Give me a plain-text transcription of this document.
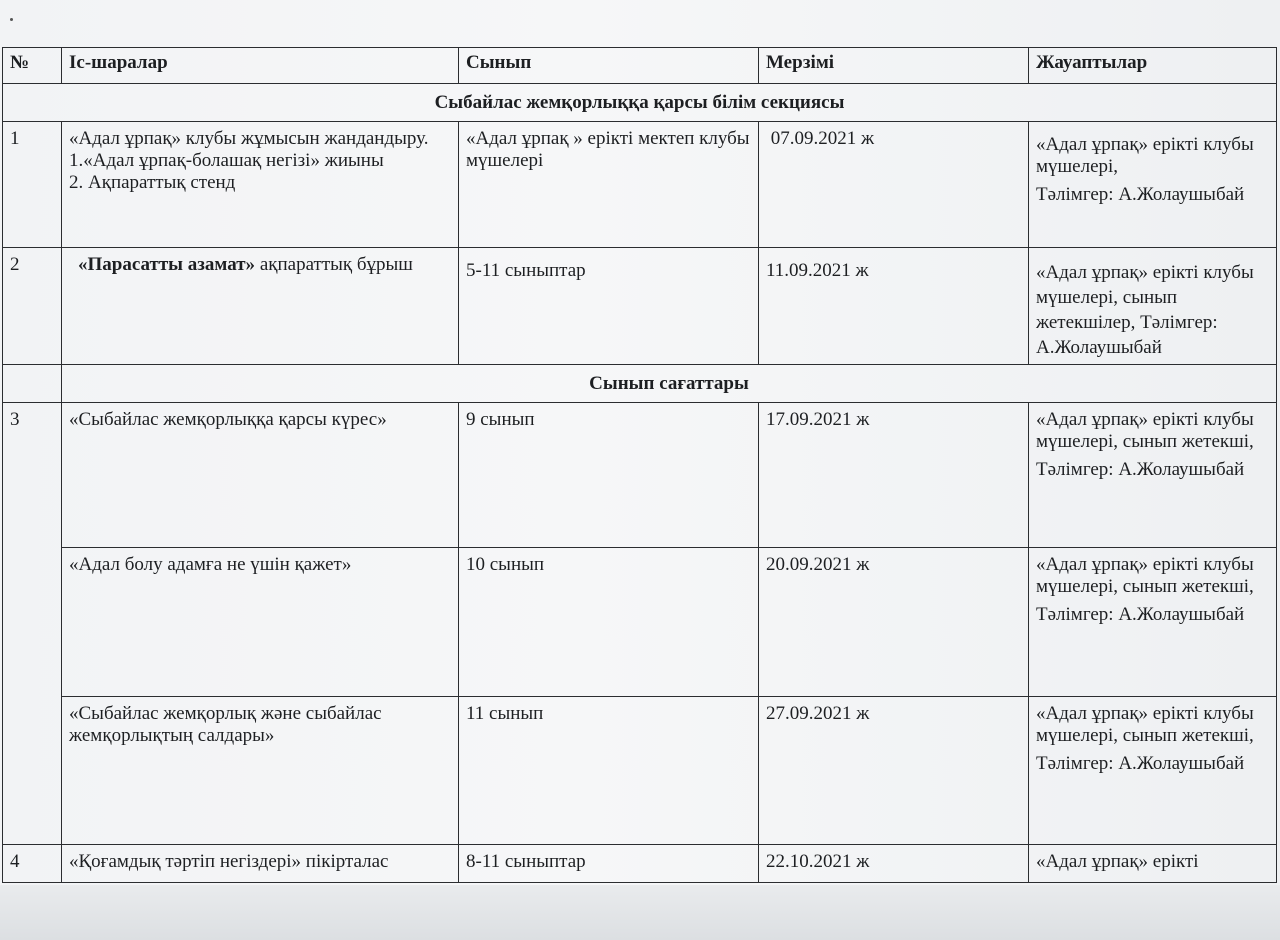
№	Іс-шаралар	Сынып	Мерзімі	Жауаптылар
Сыбайлас жемқорлыққа қарсы білім секциясы				
1	«Адал ұрпақ» клубы жұмысын жандандыру.
1.«Адал ұрпақ-болашақ негізі» жиыны
2. Ақпараттық стенд	«Адал ұрпақ » ерікті мектеп клубы мүшелері	07.09.2021 ж	«Адал ұрпақ» ерікті клубы мүшелері,
Тәлімгер: А.Жолаушыбай

2	«Парасатты азамат» ақпараттық бұрыш	5-11 сыныптар	11.09.2021 ж	«Адал ұрпақ» ерікті клубы мүшелері, сынып жетекшілер, Тәлімгер: А.Жолаушыбай

	Сынып сағаттары			
3	«Сыбайлас жемқорлыққа қарсы күрес»	9 сынып	17.09.2021 ж	«Адал ұрпақ» ерікті клубы мүшелері, сынып жетекші,
Тәлімгер: А.Жолаушыбай

	«Адал болу адамға не үшін қажет»	10 сынып	20.09.2021 ж	«Адал ұрпақ» ерікті клубы мүшелері, сынып жетекші,
Тәлімгер: А.Жолаушыбай

	«Сыбайлас жемқорлық және сыбайлас жемқорлықтың салдары»	11 сынып	27.09.2021 ж	«Адал ұрпақ» ерікті клубы мүшелері, сынып жетекші,
Тәлімгер: А.Жолаушыбай

4	«Қоғамдық тәртіп негіздері» пікірталас	8-11 сыныптар	22.10.2021 ж	«Адал ұрпақ» ерікті
